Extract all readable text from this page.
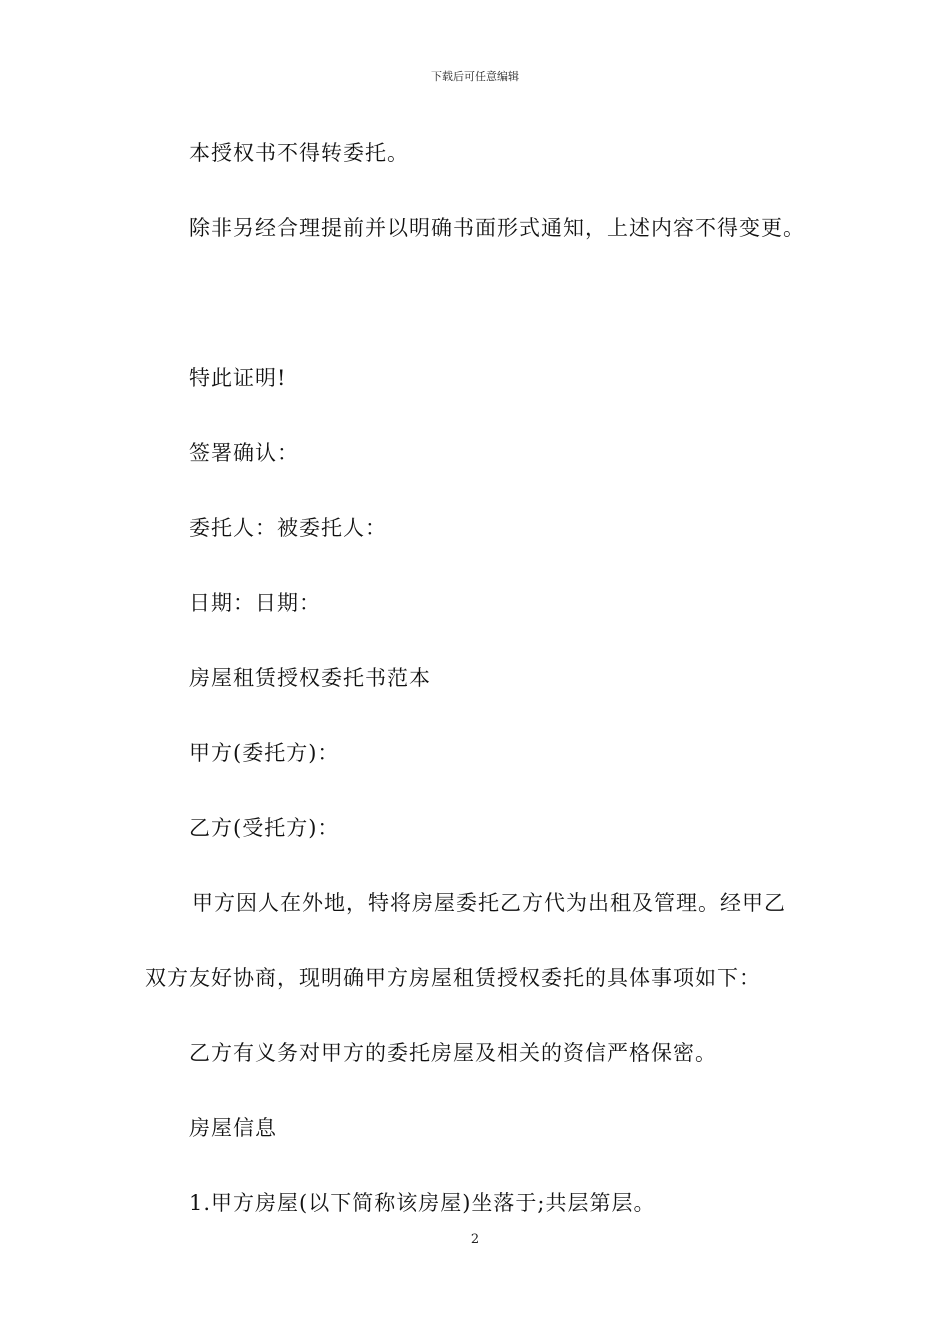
下载后可任意编辑
本授权书不得转委托。
除非另经合理提前并以明确书面形式通知，上述内容不得变更。
特此证明!
签署确认：
委托人：被委托人：
日期：日期：
房屋租赁授权委托书范本
甲方(委托方)：
乙方(受托方)：
甲方因人在外地，特将房屋委托乙方代为出租及管理。经甲乙
双方友好协商，现明确甲方房屋租赁授权委托的具体事项如下：
乙方有义务对甲方的委托房屋及相关的资信严格保密。
房屋信息
1.甲方房屋(以下简称该房屋)坐落于;共层第层。
2
